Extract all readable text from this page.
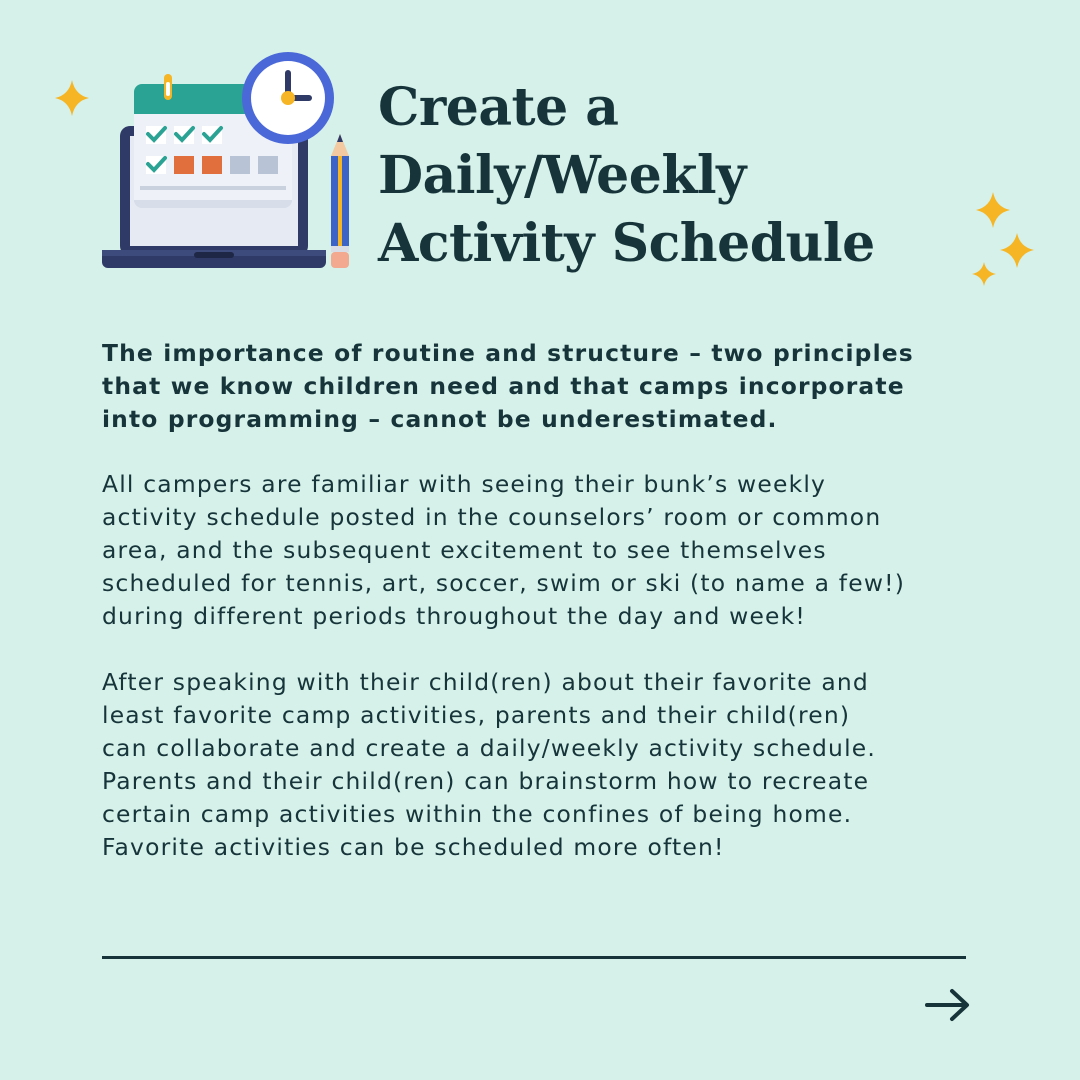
Create a
Daily/Weekly
Activity Schedule

The importance of routine and structure – two principles
that we know children need and that camps incorporate
into programming – cannot be underestimated.

All campers are familiar with seeing their bunk’s weekly
activity schedule posted in the counselors’ room or common
area, and the subsequent excitement to see themselves
scheduled for tennis, art, soccer, swim or ski (to name a few!)
during different periods throughout the day and week!

After speaking with their child(ren) about their favorite and
least favorite camp activities, parents and their child(ren)
can collaborate and create a daily/weekly activity schedule.
Parents and their child(ren) can brainstorm how to recreate
certain camp activities within the confines of being home.
Favorite activities can be scheduled more often!
